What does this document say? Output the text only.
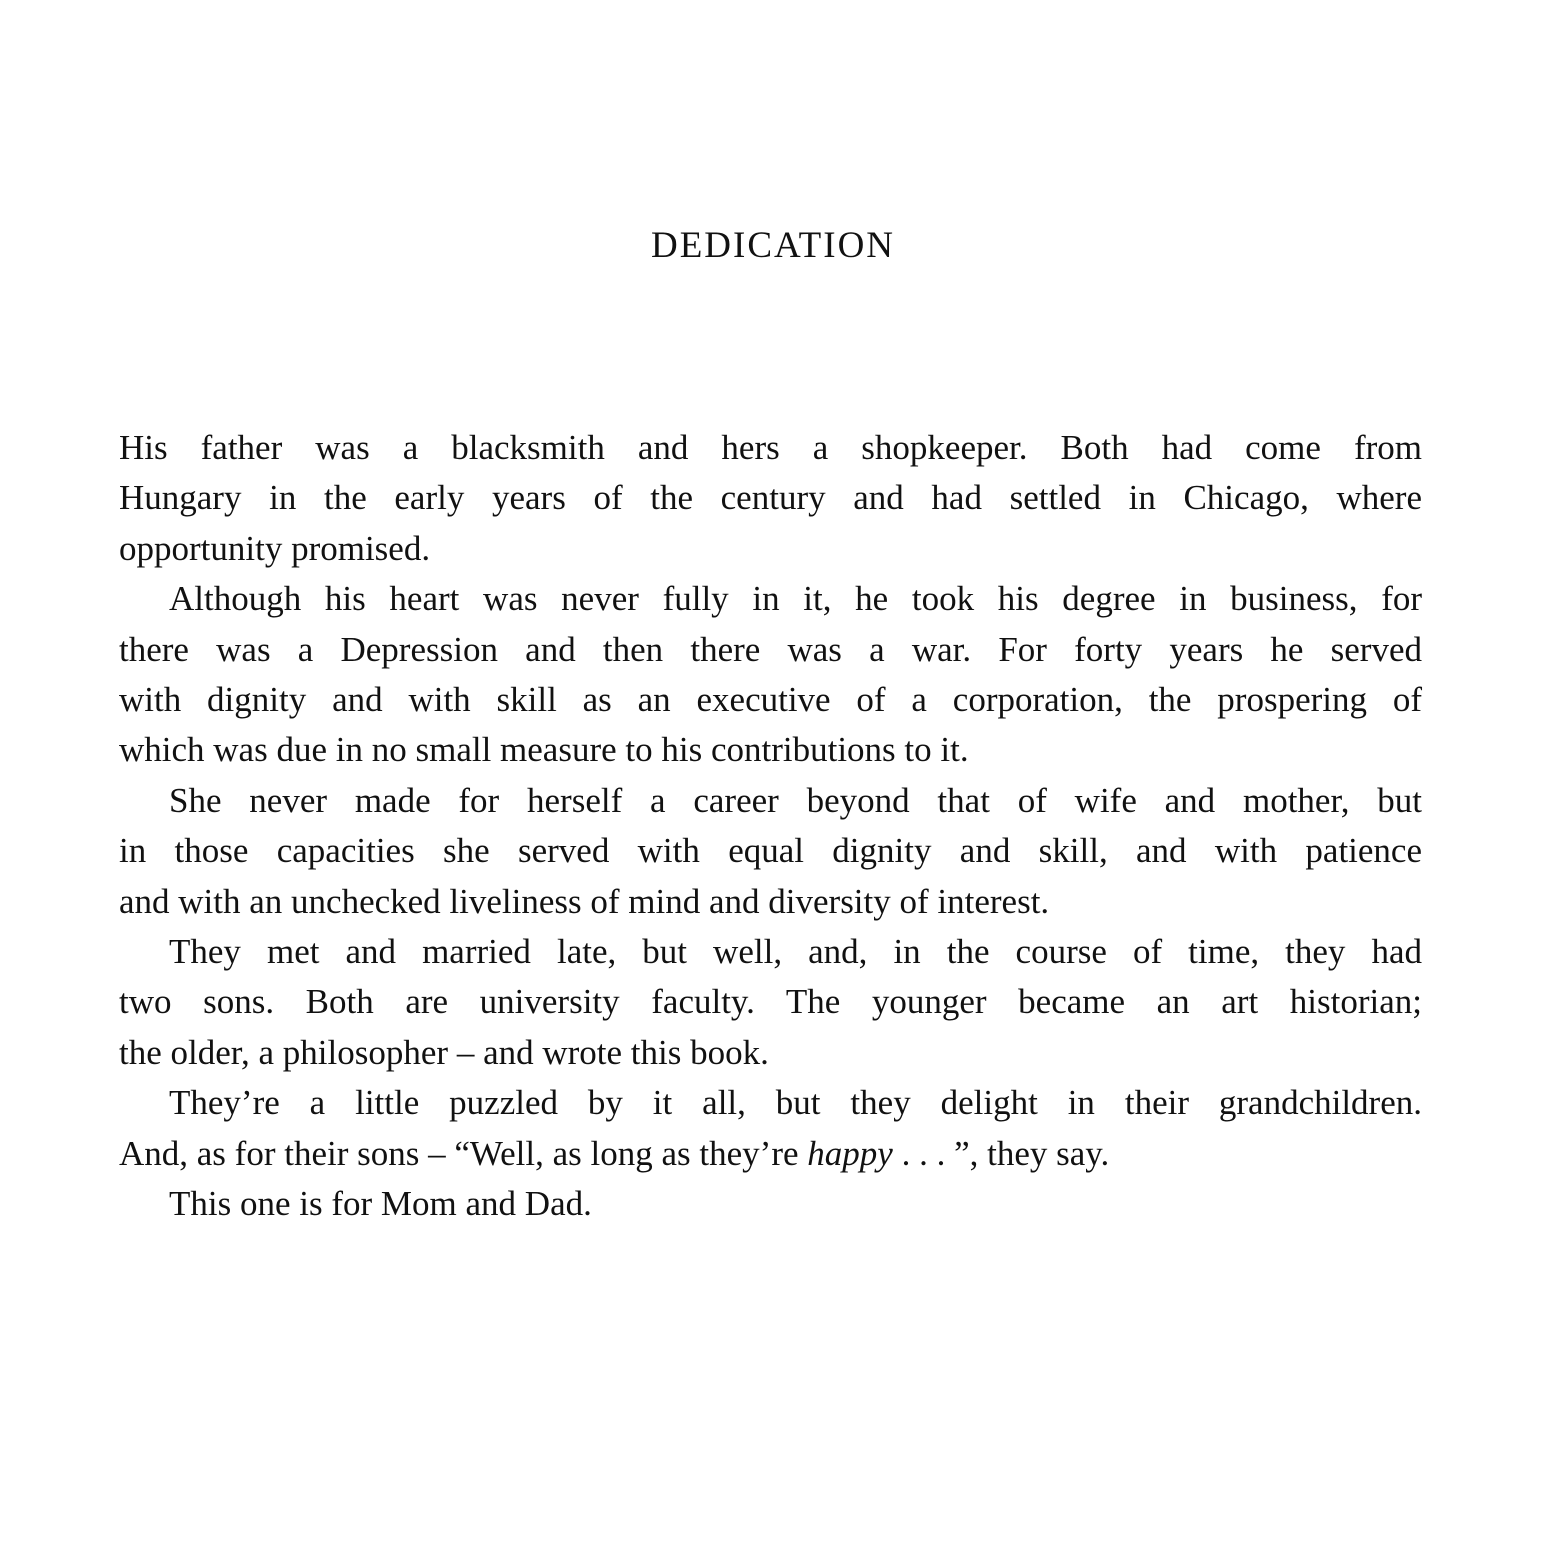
DEDICATION
His father was a blacksmith and hers a shopkeeper. Both had come from
Hungary in the early years of the century and had settled in Chicago, where
opportunity promised.
Although his heart was never fully in it, he took his degree in business, for
there was a Depression and then there was a war. For forty years he served
with dignity and with skill as an executive of a corporation, the prospering of
which was due in no small measure to his contributions to it.
She never made for herself a career beyond that of wife and mother, but
in those capacities she served with equal dignity and skill, and with patience
and with an unchecked liveliness of mind and diversity of interest.
They met and married late, but well, and, in the course of time, they had
two sons. Both are university faculty. The younger became an art historian;
the older, a philosopher – and wrote this book.
They’re a little puzzled by it all, but they delight in their grandchildren.
And, as for their sons – “Well, as long as they’re happy . . . ”, they say.
This one is for Mom and Dad.
